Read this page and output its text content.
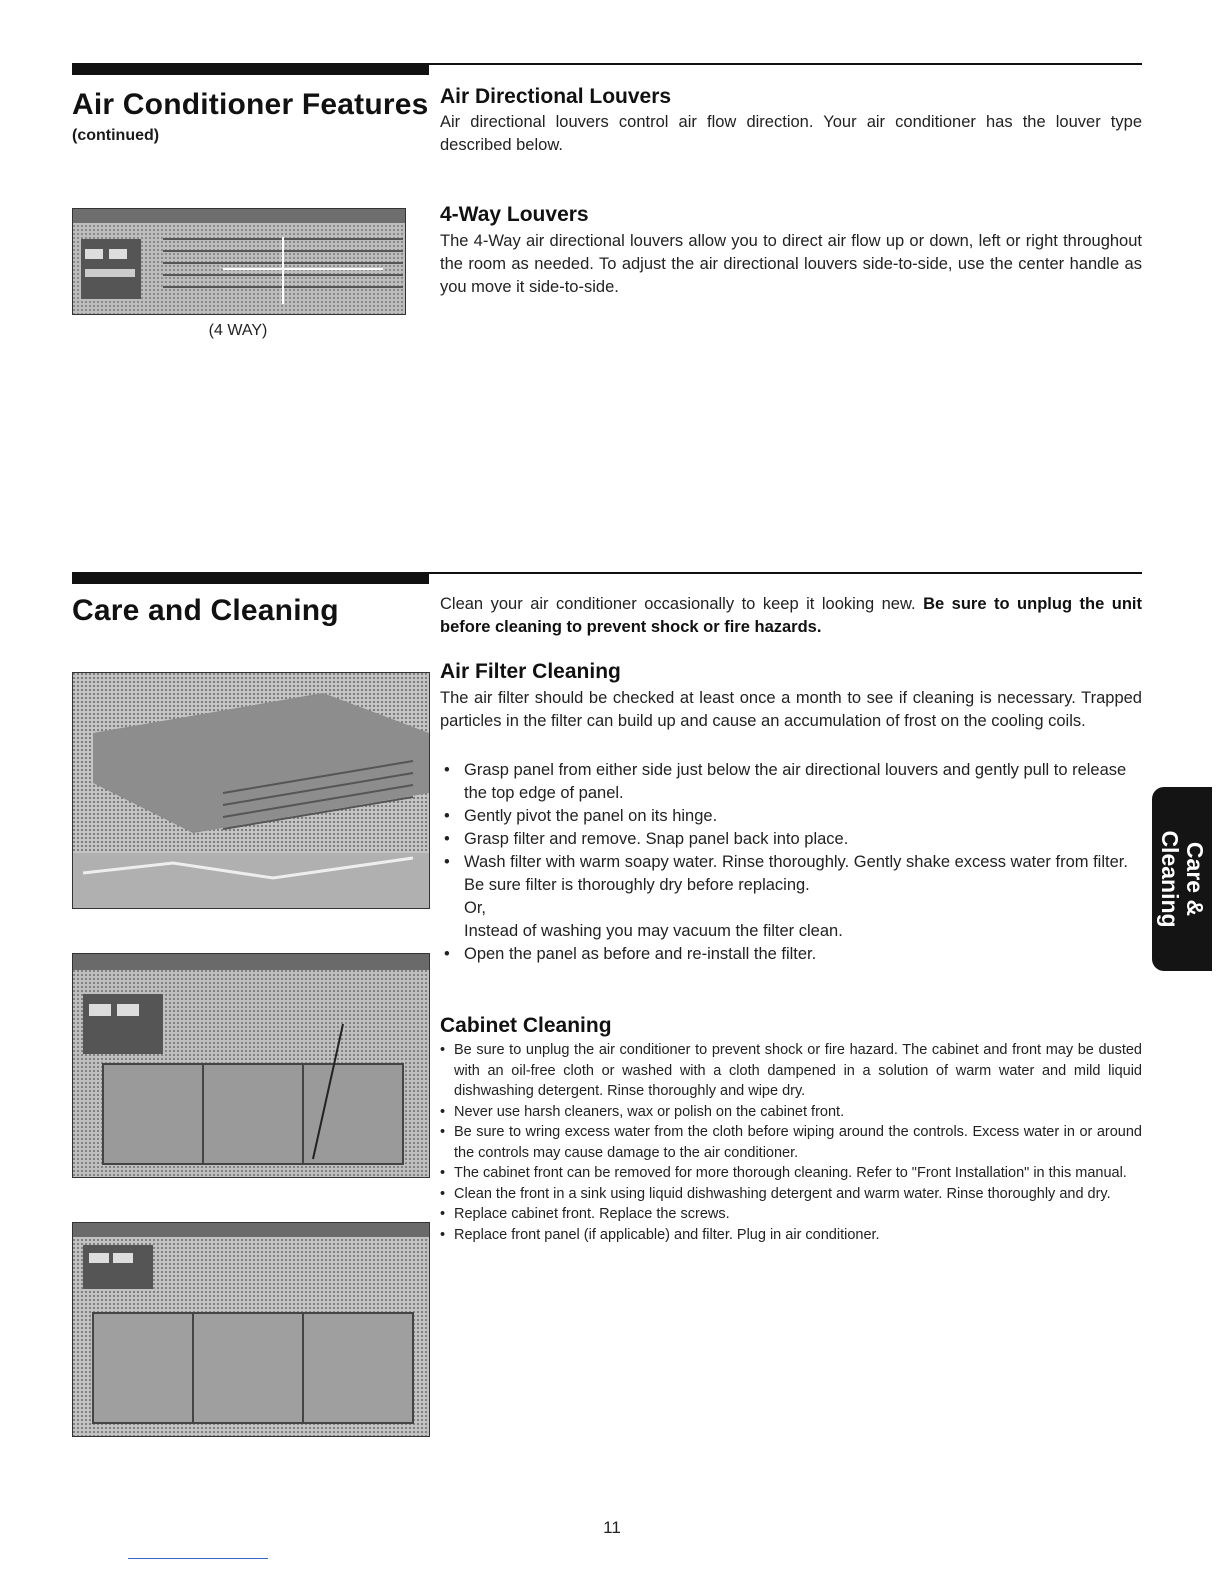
Air Conditioner Features
(continued)
Air Directional Louvers

Air directional louvers control air flow direction. Your air conditioner has the louver type described below.

(4 WAY)
4-Way Louvers

The 4-Way air directional louvers allow you to direct air flow up or down, left or right throughout the room as needed. To adjust the air directional louvers side-to-side, use the center handle as you move it side-to-side.

Care and Cleaning	Clean your air conditioner occasionally to keep it looking new. Be sure to unplug the unit before cleaning to prevent shock or fire hazards.

Air Filter Cleaning

The air filter should be checked at least once a month to see if cleaning is necessary. Trapped particles in the filter can build up and cause an accumulation of frost on the cooling coils.

• Grasp panel from either side just below the air directional louvers and gently pull to release the top edge of panel.
• Gently pivot the panel on its hinge.
• Grasp filter and remove. Snap panel back into place.
• Wash filter with warm soapy water. Rinse thoroughly. Gently shake excess water from filter. Be sure filter is thoroughly dry before replacing.
Or,
Instead of washing you may vacuum the filter clean.
• Open the panel as before and re-install the filter.
Cabinet Cleaning
• Be sure to unplug the air conditioner to prevent shock or fire hazard. The cabinet and front may be dusted with an oil-free cloth or washed with a cloth dampened in a solution of warm water and mild liquid dishwashing detergent. Rinse thoroughly and wipe dry.
• Never use harsh cleaners, wax or polish on the cabinet front.
• Be sure to wring excess water from the cloth before wiping around the controls. Excess water in or around the controls may cause damage to the air conditioner.
• The cabinet front can be removed for more thorough cleaning. Refer to "Front Installation" in this manual.
• Clean the front in a sink using liquid dishwashing detergent and warm water. Rinse thoroughly and dry.
• Replace cabinet front. Replace the screws.
• Replace front panel (if applicable) and filter. Plug in air conditioner.
Care &
Cleaning
11
